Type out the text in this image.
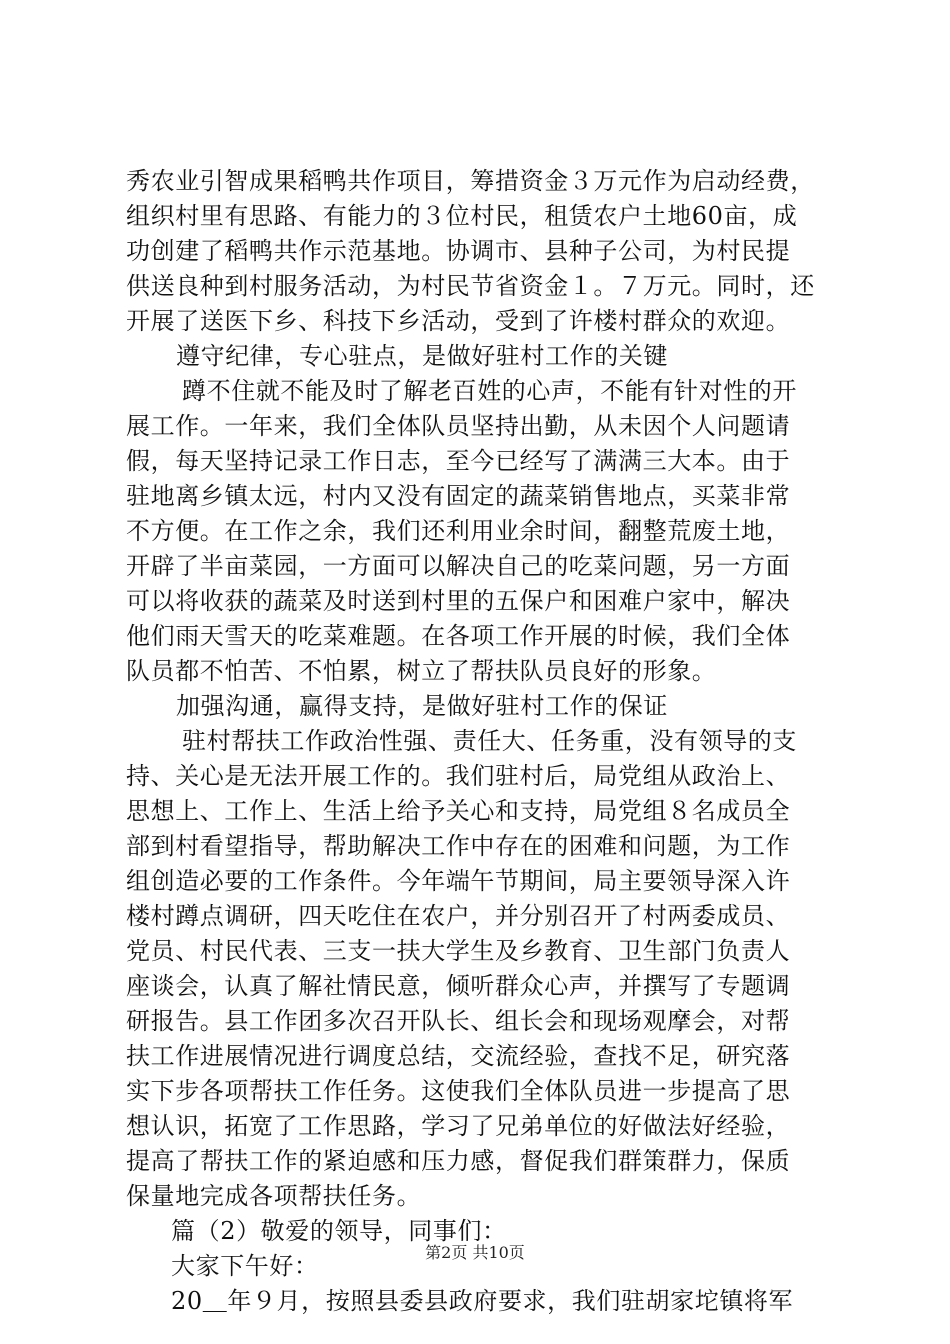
秀农业引智成果稻鸭共作项目，筹措资金３万元作为启动经费，
组织村里有思路、有能力的３位村民，租赁农户土地60亩，成
功创建了稻鸭共作示范基地。协调市、县种子公司，为村民提
供送良种到村服务活动，为村民节省资金１。７万元。同时，还
开展了送医下乡、科技下乡活动，受到了许楼村群众的欢迎。
遵守纪律，专心驻点，是做好驻村工作的关键
蹲不住就不能及时了解老百姓的心声，不能有针对性的开
展工作。一年来，我们全体队员坚持出勤，从未因个人问题请
假，每天坚持记录工作日志，至今已经写了满满三大本。由于
驻地离乡镇太远，村内又没有固定的蔬菜销售地点，买菜非常
不方便。在工作之余，我们还利用业余时间，翻整荒废土地，
开辟了半亩菜园，一方面可以解决自己的吃菜问题，另一方面
可以将收获的蔬菜及时送到村里的五保户和困难户家中，解决
他们雨天雪天的吃菜难题。在各项工作开展的时候，我们全体
队员都不怕苦、不怕累，树立了帮扶队员良好的形象。
加强沟通，赢得支持，是做好驻村工作的保证
驻村帮扶工作政治性强、责任大、任务重，没有领导的支
持、关心是无法开展工作的。我们驻村后，局党组从政治上、
思想上、工作上、生活上给予关心和支持，局党组８名成员全
部到村看望指导，帮助解决工作中存在的困难和问题，为工作
组创造必要的工作条件。今年端午节期间，局主要领导深入许
楼村蹲点调研，四天吃住在农户，并分别召开了村两委成员、
党员、村民代表、三支一扶大学生及乡教育、卫生部门负责人
座谈会，认真了解社情民意，倾听群众心声，并撰写了专题调
研报告。县工作团多次召开队长、组长会和现场观摩会，对帮
扶工作进展情况进行调度总结，交流经验，查找不足，研究落
实下步各项帮扶工作任务。这使我们全体队员进一步提高了思
想认识，拓宽了工作思路，学习了兄弟单位的好做法好经验，
提高了帮扶工作的紧迫感和压力感，督促我们群策群力，保质
保量地完成各项帮扶任务。
篇（2）敬爱的领导，同事们：
大家下午好：
20＿年９月，按照县委县政府要求，我们驻胡家坨镇将军
第2页 共10页
